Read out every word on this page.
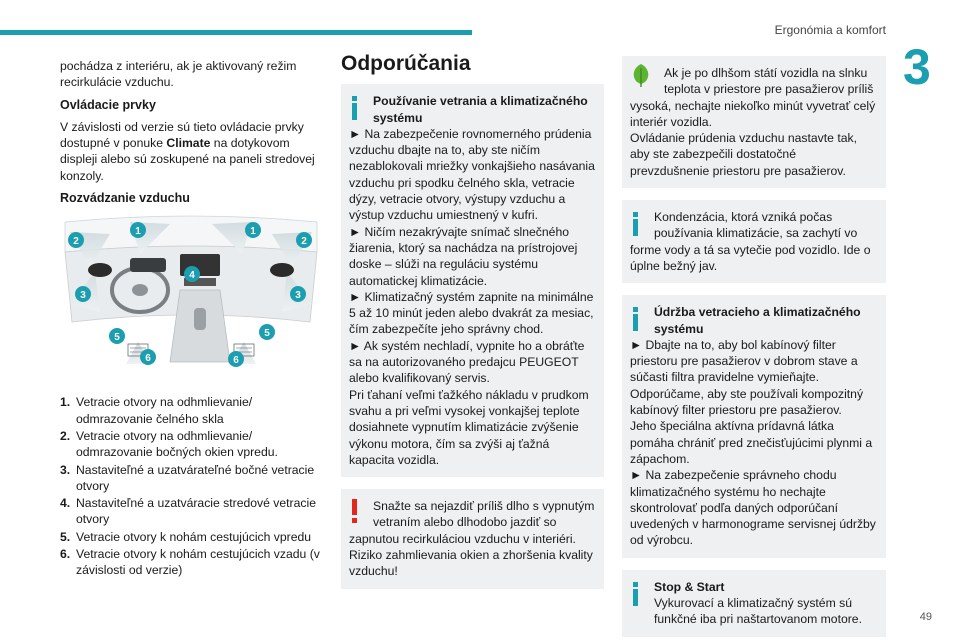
Ergonómia a komfort
3
49

pochádza z interiéru, ak je aktivovaný režim recirkulácie vzduchu.

Ovládacie prvky

V závislosti od verzie sú tieto ovládacie prvky dostupné v ponuke Climate na dotykovom displeji alebo sú zoskupené na paneli stredovej konzoly.

Rozvádzanie vzduchu
1	1
2	2
3	3
4
5	5
6	6
1. Vetracie otvory na odhmlievanie/ odmrazovanie čelného skla
2. Vetracie otvory na odhmlievanie/ odmrazovanie bočných okien vpredu.
3. Nastaviteľné a uzatvárateľné bočné vetracie otvory
4. Nastaviteľné a uzatváracie stredové vetracie otvory
5. Vetracie otvory k nohám cestujúcich vpredu
6. Vetracie otvory k nohám cestujúcich vzadu (v závislosti od verzie)
Odporúčania

Používanie vetrania a klimatizačného systému

► Na zabezpečenie rovnomerného prúdenia vzduchu dbajte na to, aby ste ničím nezablokovali mriežky vonkajšieho nasávania vzduchu pri spodku čelného skla, vetracie dýzy, vetracie otvory, výstupy vzduchu a výstup vzduchu umiestnený v kufri.

► Ničím nezakrývajte snímač slnečného žiarenia, ktorý sa nachádza na prístrojovej doske – slúži na reguláciu systému automatickej klimatizácie.

► Klimatizačný systém zapnite na minimálne 5 až 10 minút jeden alebo dvakrát za mesiac, čím zabezpečíte jeho správny chod.

► Ak systém nechladí, vypnite ho a obráťte sa na autorizovaného predajcu PEUGEOT alebo kvalifikovaný servis.

Pri ťahaní veľmi ťažkého nákladu v prudkom svahu a pri veľmi vysokej vonkajšej teplote dosiahnete vypnutím klimatizácie zvýšenie výkonu motora, čím sa zvýši aj ťažná kapacita vozidla.

Snažte sa nejazdiť príliš dlho s vypnutým vetraním alebo dlhodobo jazdiť so

zapnutou recirkuláciou vzduchu v interiéri. Riziko zahmlievania okien a zhoršenia kvality vzduchu!

Ak je po dlhšom státí vozidla na slnku teplota v priestore pre pasažierov príliš

vysoká, nechajte niekoľko minút vyvetrať celý interiér vozidla.

Ovládanie prúdenia vzduchu nastavte tak, aby ste zabezpečili dostatočné prevzdušnenie priestoru pre pasažierov.

Kondenzácia, ktorá vzniká počas používania klimatizácie, sa zachytí vo

forme vody a tá sa vytečie pod vozidlo. Ide o úplne bežný jav.

Údržba vetracieho a klimatizačného systému

► Dbajte na to, aby bol kabínový filter priestoru pre pasažierov v dobrom stave a súčasti filtra pravidelne vymieňajte.

Odporúčame, aby ste používali kompozitný kabínový filter priestoru pre pasažierov.

Jeho špeciálna aktívna prídavná látka pomáha chrániť pred znečisťujúcimi plynmi a zápachom.

► Na zabezpečenie správneho chodu klimatizačného systému ho nechajte skontrolovať podľa daných odporúčaní uvedených v harmonograme servisnej údržby od výrobcu.

Stop & Start

Vykurovací a klimatizačný systém sú funkčné iba pri naštartovanom motore.
